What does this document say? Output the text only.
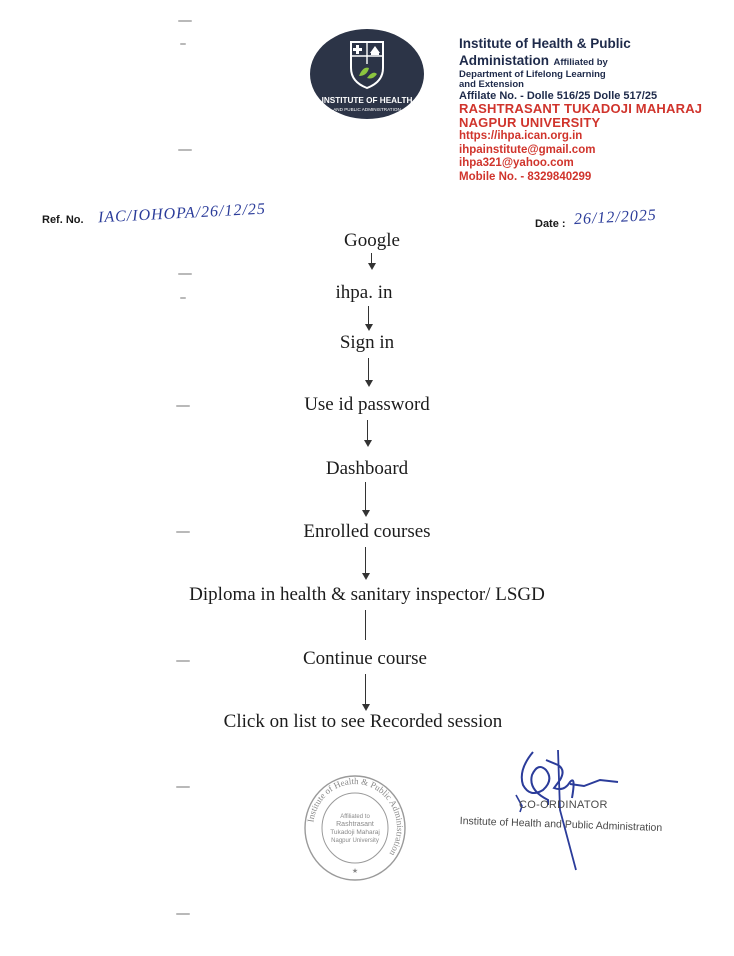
INSTITUTE OF HEALTH
AND PUBLIC ADMINISTRATION
Institute of Health & Public
Administation Affiliated by
Department of Lifelong Learning
and Extension
Affilate No. - Dolle 516/25 Dolle 517/25
RASHTRASANT TUKADOJI MAHARAJ
NAGPUR UNIVERSITY
https://ihpa.ican.org.in
ihpainstitute@gmail.com
ihpa321@yahoo.com
Mobile No. - 8329840299
Ref. No. IAC/IOHOPA/26/12/25	Date : 26/12/2025
Google
ihpa. in
Sign in
Use id password
Dashboard
Enrolled courses
Diploma in health & sanitary inspector/ LSGD
Continue course
Click on list to see Recorded session
Institute of Health & Public Administration
Affiliated to
Rashtrasant
Tukadoji Maharaj
Nagpur University
★
CO-ORDINATOR
Institute of Health and Public Administration
